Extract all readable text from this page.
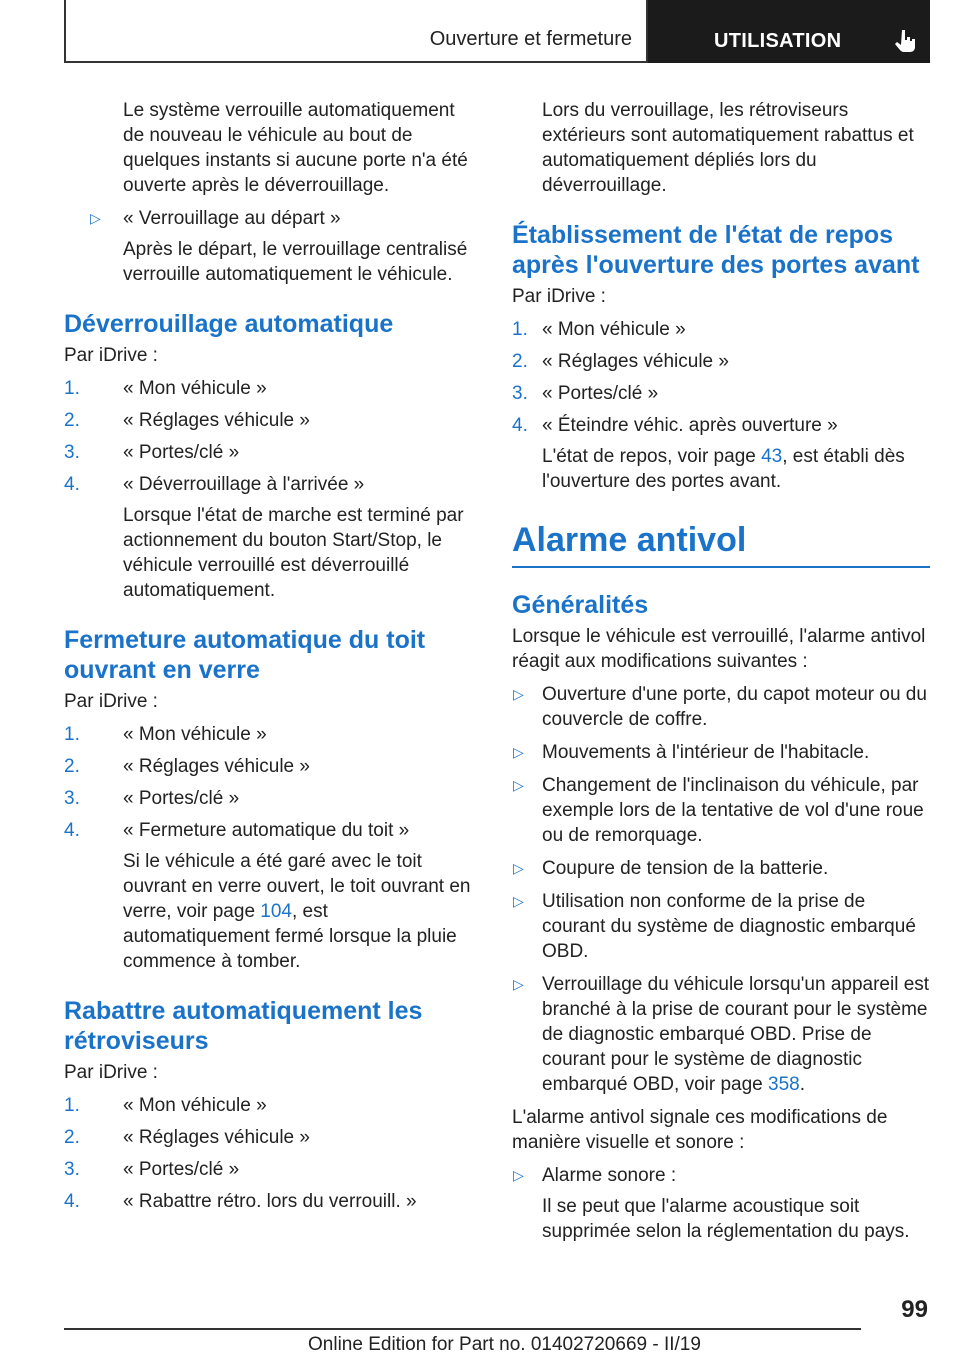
Ouverture et fermeture	UTILISATION

Le système verrouille automatiquement de nouveau le véhicule au bout de quelques instants si aucune porte n'a été ouverte après le déverrouillage.

▷ « Verrouillage au départ »
Après le départ, le verrouillage centralisé verrouille automatiquement le véhicule.
Déverrouillage automatique

Par iDrive :

1. « Mon véhicule »
2. « Réglages véhicule »
3. « Portes/clé »
4. « Déverrouillage à l'arrivée »
Lorsque l'état de marche est terminé par actionnement du bouton Start/Stop, le véhicule verrouillé est déverrouillé automatiquement.
Fermeture automatique du toit ouvrant en verre

Par iDrive :

1. « Mon véhicule »
2. « Réglages véhicule »
3. « Portes/clé »
4. « Fermeture automatique du toit »
Si le véhicule a été garé avec le toit ouvrant en verre ouvert, le toit ouvrant en verre, voir page 104, est automatiquement fermé lorsque la pluie commence à tomber.
Rabattre automatiquement les rétroviseurs

Par iDrive :

1. « Mon véhicule »
2. « Réglages véhicule »
3. « Portes/clé »
4. « Rabattre rétro. lors du verrouill. »

Lors du verrouillage, les rétroviseurs extérieurs sont automatiquement rabattus et automatiquement dépliés lors du déverrouillage.

Établissement de l'état de repos après l'ouverture des portes avant

Par iDrive :

1. « Mon véhicule »
2. « Réglages véhicule »
3. « Portes/clé »
4. « Éteindre véhic. après ouverture »
L'état de repos, voir page 43, est établi dès l'ouverture des portes avant.
Alarme antivol
Généralités

Lorsque le véhicule est verrouillé, l'alarme antivol réagit aux modifications suivantes :

▷ Ouverture d'une porte, du capot moteur ou du couvercle de coffre.
▷ Mouvements à l'intérieur de l'habitacle.
▷ Changement de l'inclinaison du véhicule, par exemple lors de la tentative de vol d'une roue ou de remorquage.
▷ Coupure de tension de la batterie.
▷ Utilisation non conforme de la prise de courant du système de diagnostic embarqué OBD.
▷ Verrouillage du véhicule lorsqu'un appareil est branché à la prise de courant pour le système de diagnostic embarqué OBD. Prise de courant pour le système de diagnostic embarqué OBD, voir page 358.

L'alarme antivol signale ces modifications de manière visuelle et sonore :

▷ Alarme sonore :
Il se peut que l'alarme acoustique soit supprimée selon la réglementation du pays.
99
Online Edition for Part no. 01402720669 - II/19
